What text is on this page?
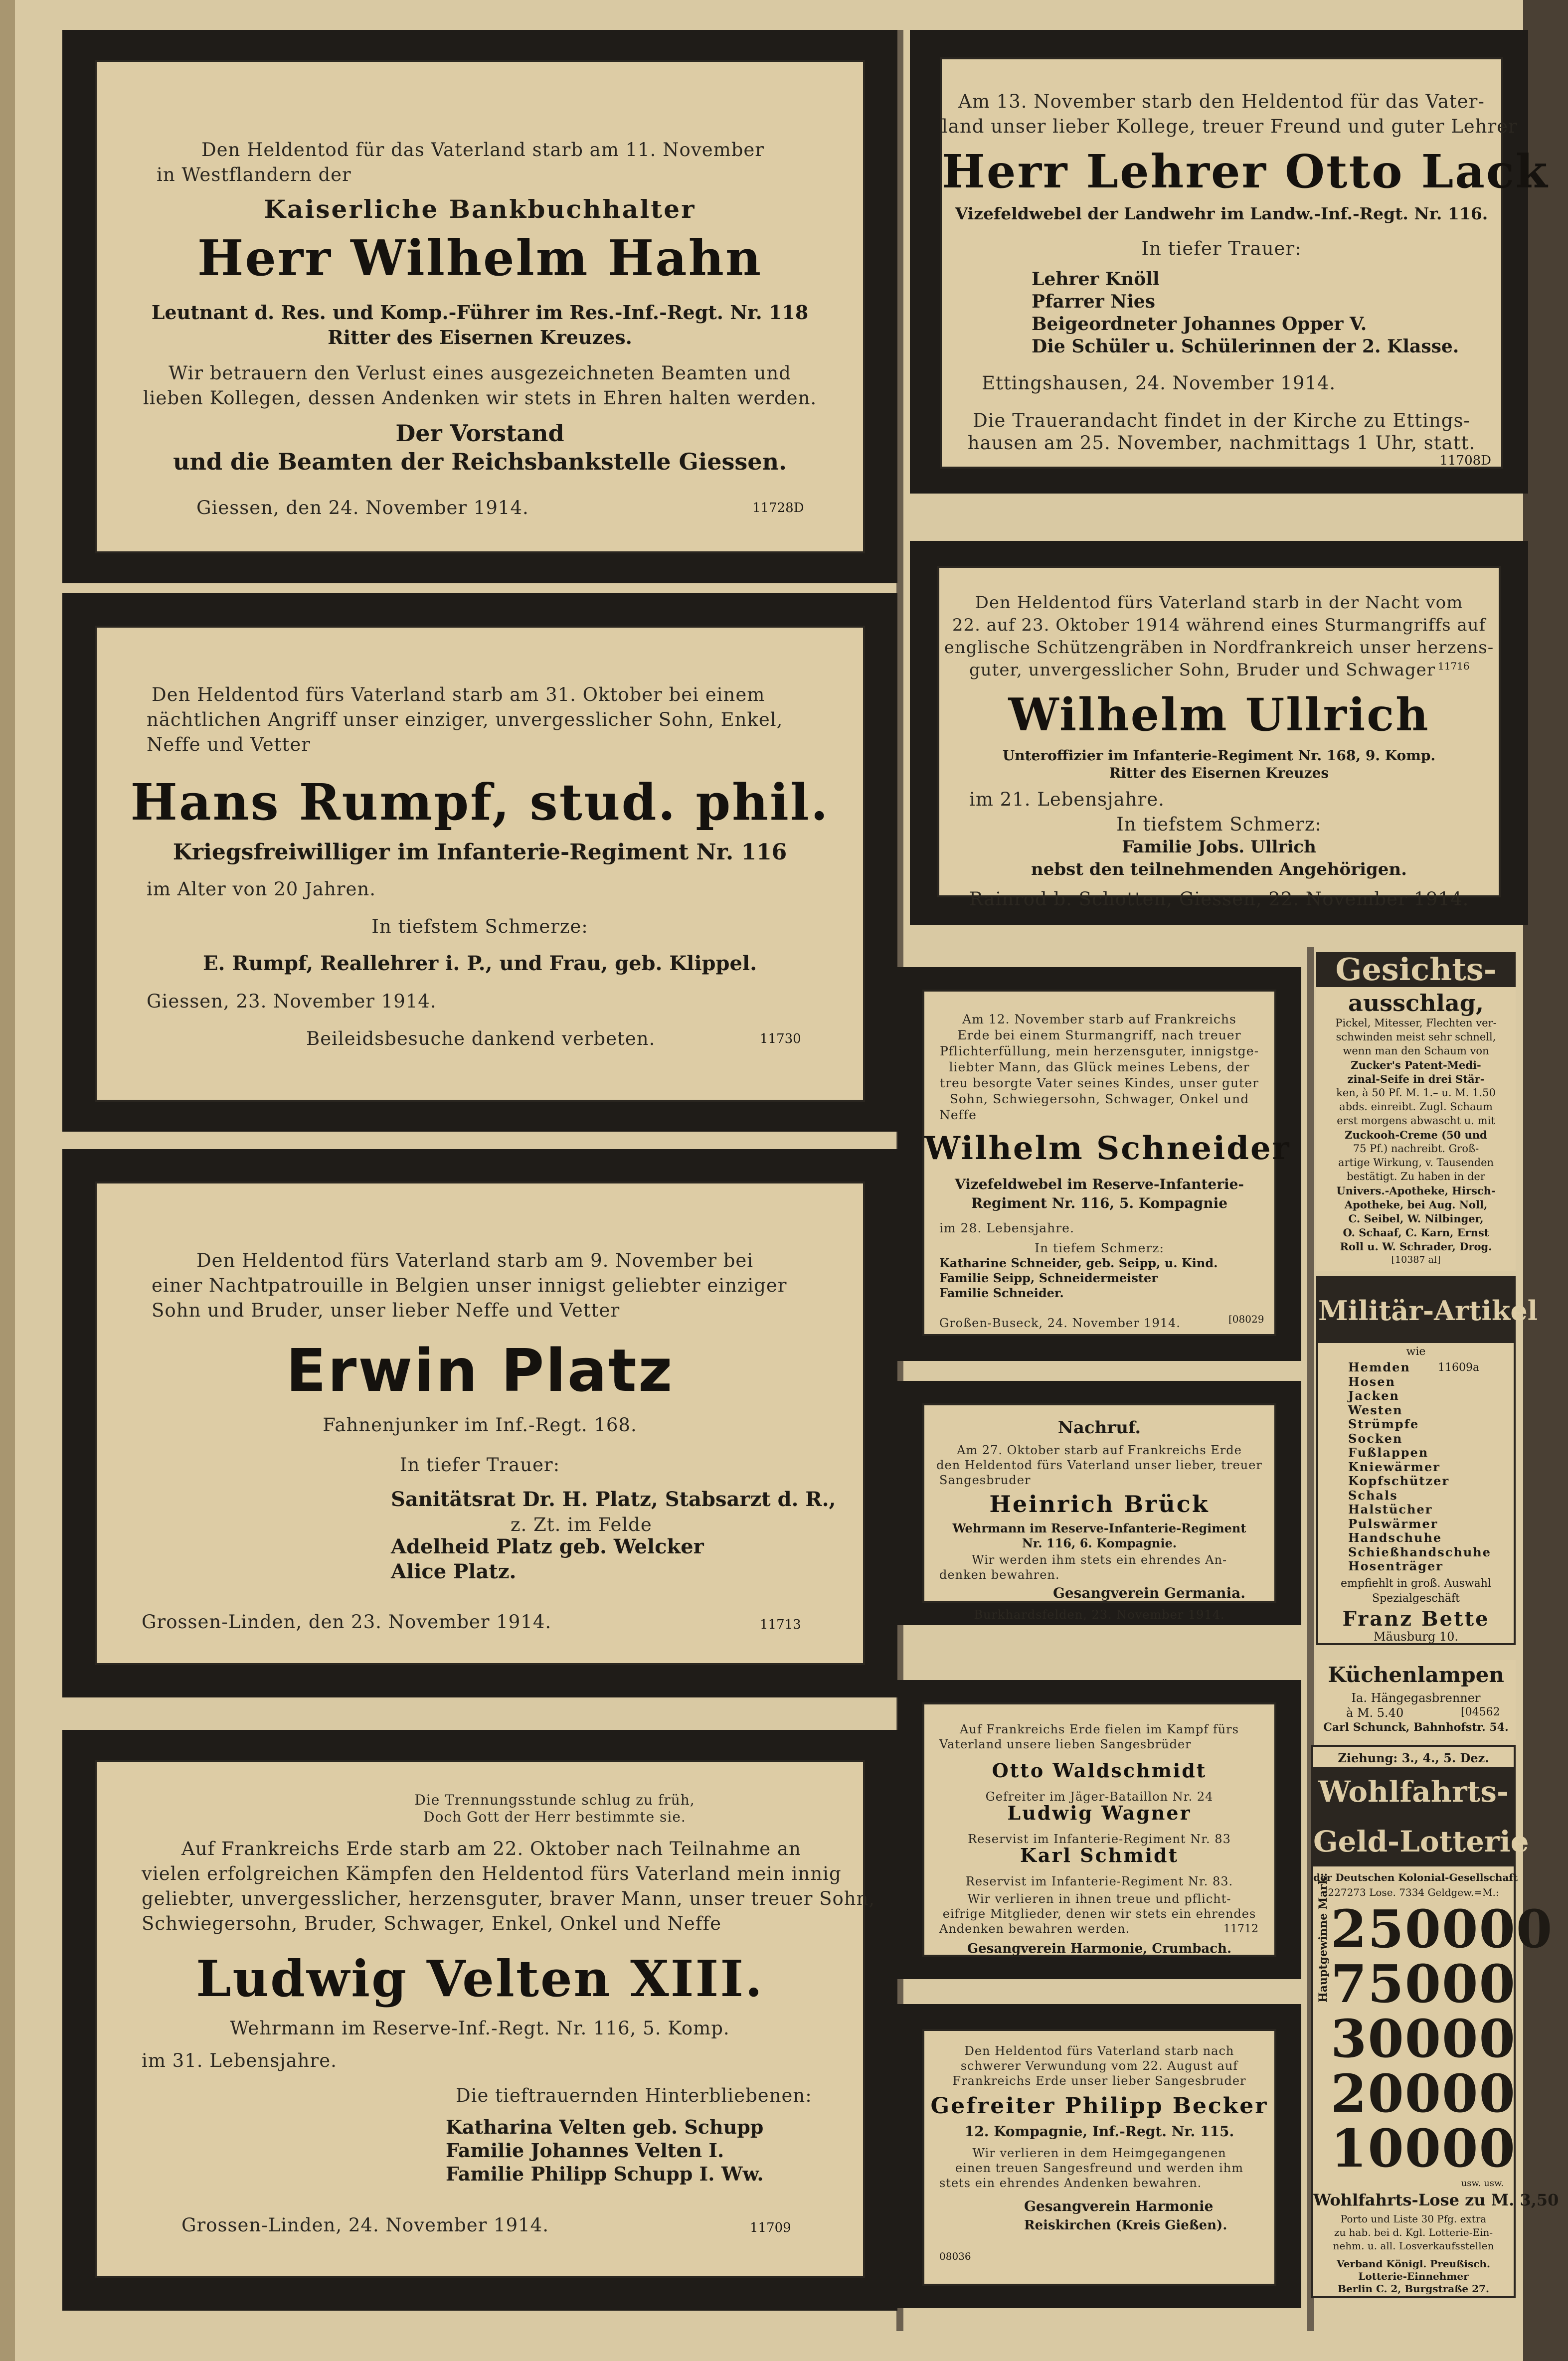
Den Heldentod für das Vaterland starb am 11. November
in Westflandern der
Kaiserliche Bankbuchhalter
Herr Wilhelm Hahn
Leutnant d. Res. und Komp.-Führer im Res.-Inf.-Regt. Nr. 118
Ritter des Eisernen Kreuzes.
Wir betrauern den Verlust eines ausgezeichneten Beamten und
lieben Kollegen, dessen Andenken wir stets in Ehren halten werden.
Der Vorstand
und die Beamten der Reichsbankstelle Giessen.
Giessen, den 24. November 1914.	11728D
Am 13. November starb den Heldentod für das Vater-
land unser lieber Kollege, treuer Freund und guter Lehrer
Herr Lehrer Otto Lack
Vizefeldwebel der Landwehr im Landw.-Inf.-Regt. Nr. 116.
In tiefer Trauer:
Lehrer Knöll
Pfarrer Nies
Beigeordneter Johannes Opper V.
Die Schüler u. Schülerinnen der 2. Klasse.
Ettingshausen, 24. November 1914.
Die Trauerandacht findet in der Kirche zu Ettings-
hausen am 25. November, nachmittags 1 Uhr, statt.
11708D
Den Heldentod fürs Vaterland starb am 31. Oktober bei einem
nächtlichen Angriff unser einziger, unvergesslicher Sohn, Enkel,
Neffe und Vetter
Hans Rumpf, stud. phil.
Kriegsfreiwilliger im Infanterie-Regiment Nr. 116
im Alter von 20 Jahren.
In tiefstem Schmerze:
E. Rumpf, Reallehrer i. P., und Frau, geb. Klippel.
Giessen, 23. November 1914.
Beileidsbesuche dankend verbeten.	11730
Den Heldentod fürs Vaterland starb in der Nacht vom
22. auf 23. Oktober 1914 während eines Sturmangriffs auf
englische Schützengräben in Nordfrankreich unser herzens-
guter, unvergesslicher Sohn, Bruder und Schwager 11716
Wilhelm Ullrich
Unteroffizier im Infanterie-Regiment Nr. 168, 9. Komp.
Ritter des Eisernen Kreuzes
im 21. Lebensjahre.
In tiefstem Schmerz:
Familie Jobs. Ullrich
nebst den teilnehmenden Angehörigen.
Rainrod b. Schotten, Giessen, 22. November 1914.
Am 12. November starb auf Frankreichs
Erde bei einem Sturmangriff, nach treuer
Pflichterfüllung, mein herzensguter, innigstge-
liebter Mann, das Glück meines Lebens, der
treu besorgte Vater seines Kindes, unser guter
Sohn, Schwiegersohn, Schwager, Onkel und
Neffe
Wilhelm Schneider
Vizefeldwebel im Reserve-Infanterie-
Regiment Nr. 116, 5. Kompagnie
im 28. Lebensjahre.
In tiefem Schmerz:
Katharine Schneider, geb. Seipp, u. Kind.
Familie Seipp, Schneidermeister
Familie Schneider.
Großen-Buseck, 24. November 1914.	[08029
Gesichts-
ausschlag,
Pickel, Mitesser, Flechten ver-
schwinden meist sehr schnell,
wenn man den Schaum von
Zucker's Patent-Medi-
zinal-Seife in drei Stär-
ken, à 50 Pf. M. 1.– u. M. 1.50
abds. einreibt. Zugl. Schaum
erst morgens abwascht u. mit
Zuckooh-Creme (50 und
75 Pf.) nachreibt. Groß-
artige Wirkung, v. Tausenden
bestätigt. Zu haben in der
Univers.-Apotheke, Hirsch-
Apotheke, bei Aug. Noll,
C. Seibel, W. Nilbinger,
O. Schaaf, C. Karn, Ernst
Roll u. W. Schrader, Drog.
[10387 al]
Den Heldentod fürs Vaterland starb am 9. November bei
einer Nachtpatrouille in Belgien unser innigst geliebter einziger
Sohn und Bruder, unser lieber Neffe und Vetter
Erwin Platz
Fahnenjunker im Inf.-Regt. 168.
In tiefer Trauer:
Sanitätsrat Dr. H. Platz, Stabsarzt d. R.,
z. Zt. im Felde
Adelheid Platz geb. Welcker
Alice Platz.
Grossen-Linden, den 23. November 1914.	11713
Militär-Artikel
wie
Hemden
Hosen
Jacken
Westen
Strümpfe
Socken
Fußlappen
Kniewärmer
Kopfschützer
Schals
Halstücher
Pulswärmer
Handschuhe
Schießhandschuhe
Hosenträger
11609a
empfiehlt in groß. Auswahl
Spezialgeschäft
Franz Bette
Mäusburg 10.
Nachruf.
Am 27. Oktober starb auf Frankreichs Erde
den Heldentod fürs Vaterland unser lieber, treuer
Sangesbruder
Heinrich Brück
Wehrmann im Reserve-Infanterie-Regiment
Nr. 116, 6. Kompagnie.
Wir werden ihm stets ein ehrendes An-
denken bewahren.
Gesangverein Germania.
Burkhardsfelden, 23. November 1914.
Küchenlampen
Ia. Hängegasbrenner
à M. 5.40	[04562
Carl Schunck, Bahnhofstr. 54.
Die Trennungsstunde schlug zu früh,
Doch Gott der Herr bestimmte sie.
Auf Frankreichs Erde starb am 22. Oktober nach Teilnahme an
vielen erfolgreichen Kämpfen den Heldentod fürs Vaterland mein innig
geliebter, unvergesslicher, herzensguter, braver Mann, unser treuer Sohn,
Schwiegersohn, Bruder, Schwager, Enkel, Onkel und Neffe
Ludwig Velten XIII.
Wehrmann im Reserve-Inf.-Regt. Nr. 116, 5. Komp.
im 31. Lebensjahre.
Die tieftrauernden Hinterbliebenen:
Katharina Velten geb. Schupp
Familie Johannes Velten I.
Familie Philipp Schupp I. Ww.
Grossen-Linden, 24. November 1914.	11709
Auf Frankreichs Erde fielen im Kampf fürs
Vaterland unsere lieben Sangesbrüder
Otto Waldschmidt
Gefreiter im Jäger-Bataillon Nr. 24
Ludwig Wagner
Reservist im Infanterie-Regiment Nr. 83
Karl Schmidt
Reservist im Infanterie-Regiment Nr. 83.
Wir verlieren in ihnen treue und pflicht-
eifrige Mitglieder, denen wir stets ein ehrendes
Andenken bewahren werden.	11712
Gesangverein Harmonie, Crumbach.
Ziehung: 3., 4., 5. Dez.
Wohlfahrts-
Geld-Lotterie
der Deutschen Kolonial-Gesellschaft
227273 Lose. 7334 Geldgew.=M.:
Hauptgewinne Mark: 250000
75000
30000
20000
10000
usw. usw.
Wohlfahrts-Lose zu M. 3,50
Porto und Liste 30 Pfg. extra
zu hab. bei d. Kgl. Lotterie-Ein-
nehm. u. all. Losverkaufsstellen
Verband Königl. Preußisch.
Lotterie-Einnehmer
Berlin C. 2, Burgstraße 27.
Den Heldentod fürs Vaterland starb nach
schwerer Verwundung vom 22. August auf
Frankreichs Erde unser lieber Sangesbruder
Gefreiter Philipp Becker
12. Kompagnie, Inf.-Regt. Nr. 115.
Wir verlieren in dem Heimgegangenen
einen treuen Sangesfreund und werden ihm
stets ein ehrendes Andenken bewahren.
Gesangverein Harmonie
Reiskirchen (Kreis Gießen).
08036
